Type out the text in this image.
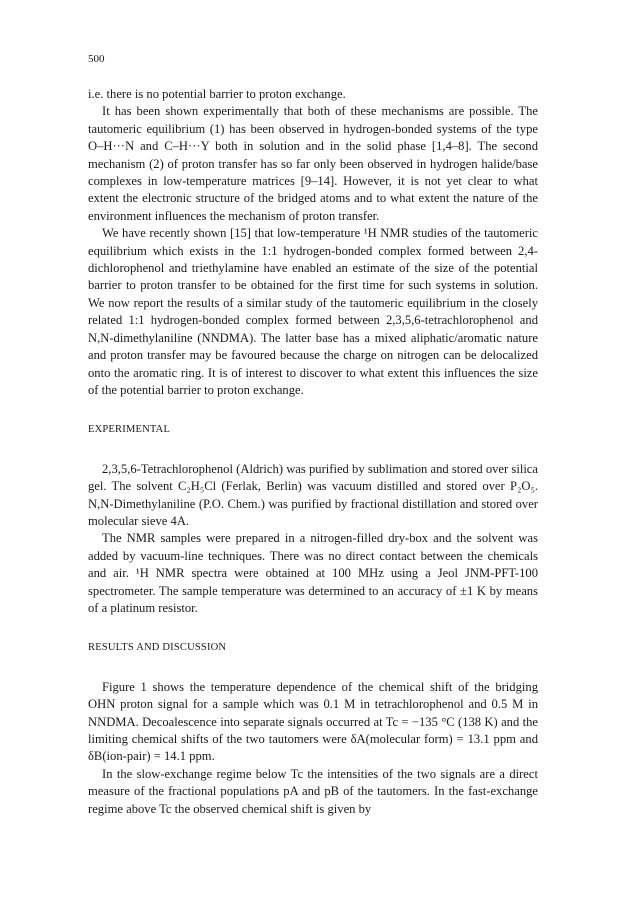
500

i.e. there is no potential barrier to proton exchange.

It has been shown experimentally that both of these mechanisms are possible. The tautomeric equilibrium (1) has been observed in hydrogen-bonded systems of the type O–H···N and C–H···Y both in solution and in the solid phase [1,4–8]. The second mechanism (2) of proton transfer has so far only been observed in hydrogen halide/base complexes in low-temperature matrices [9–14]. However, it is not yet clear to what extent the electronic structure of the bridged atoms and to what extent the nature of the environment influences the mechanism of proton transfer.

We have recently shown [15] that low-temperature ¹H NMR studies of the tautomeric equilibrium which exists in the 1:1 hydrogen-bonded complex formed between 2,4-dichlorophenol and triethylamine have enabled an estimate of the size of the potential barrier to proton transfer to be obtained for the first time for such systems in solution. We now report the results of a similar study of the tautomeric equilibrium in the closely related 1:1 hydrogen-bonded complex formed between 2,3,5,6-tetrachlorophenol and N,N-dimethylaniline (NNDMA). The latter base has a mixed aliphatic/aromatic nature and proton transfer may be favoured because the charge on nitrogen can be delocalized onto the aromatic ring. It is of interest to discover to what extent this influences the size of the potential barrier to proton exchange.

EXPERIMENTAL

2,3,5,6-Tetrachlorophenol (Aldrich) was purified by sublimation and stored over silica gel. The solvent C₂H₅Cl (Ferlak, Berlin) was vacuum distilled and stored over P₂O₅. N,N-Dimethylaniline (P.O. Chem.) was purified by fractional distillation and stored over molecular sieve 4A.

The NMR samples were prepared in a nitrogen-filled dry-box and the solvent was added by vacuum-line techniques. There was no direct contact between the chemicals and air. ¹H NMR spectra were obtained at 100 MHz using a Jeol JNM-PFT-100 spectrometer. The sample temperature was determined to an accuracy of ±1 K by means of a platinum resistor.

RESULTS AND DISCUSSION

Figure 1 shows the temperature dependence of the chemical shift of the bridging OHN proton signal for a sample which was 0.1 M in tetrachlorophenol and 0.5 M in NNDMA. Decoalescence into separate signals occurred at Tc = −135 °C (138 K) and the limiting chemical shifts of the two tautomers were δA(molecular form) = 13.1 ppm and δB(ion-pair) = 14.1 ppm.

In the slow-exchange regime below Tc the intensities of the two signals are a direct measure of the fractional populations pA and pB of the tautomers. In the fast-exchange regime above Tc the observed chemical shift is given by
